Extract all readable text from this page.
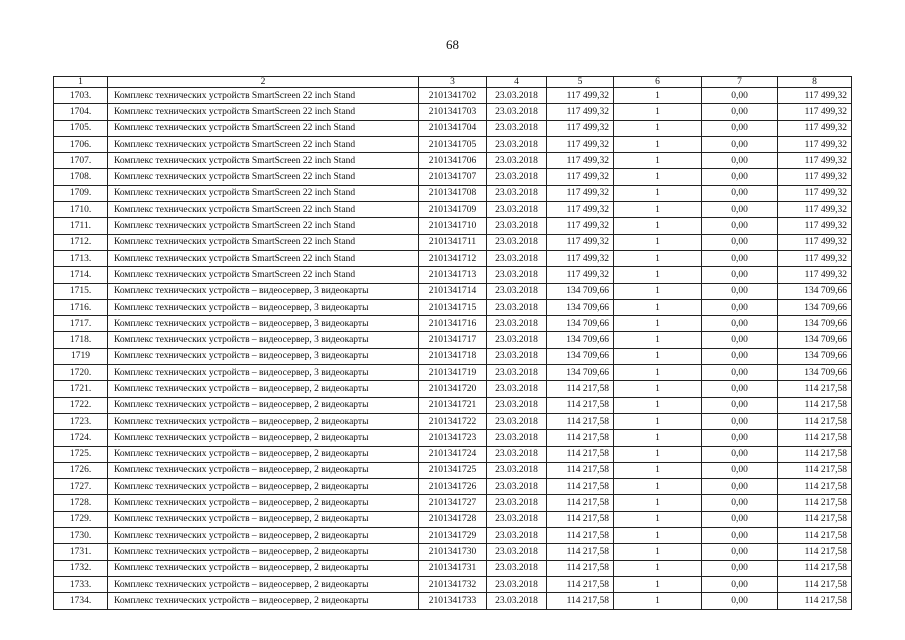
68
1	2	3	4	5	6	7	8
1703.	Комплекс технических устройств SmartScreen 22 inch Stand	2101341702	23.03.2018	117 499,32	1	0,00	117 499,32
1704.	Комплекс технических устройств SmartScreen 22 inch Stand	2101341703	23.03.2018	117 499,32	1	0,00	117 499,32
1705.	Комплекс технических устройств SmartScreen 22 inch Stand	2101341704	23.03.2018	117 499,32	1	0,00	117 499,32
1706.	Комплекс технических устройств SmartScreen 22 inch Stand	2101341705	23.03.2018	117 499,32	1	0,00	117 499,32
1707.	Комплекс технических устройств SmartScreen 22 inch Stand	2101341706	23.03.2018	117 499,32	1	0,00	117 499,32
1708.	Комплекс технических устройств SmartScreen 22 inch Stand	2101341707	23.03.2018	117 499,32	1	0,00	117 499,32
1709.	Комплекс технических устройств SmartScreen 22 inch Stand	2101341708	23.03.2018	117 499,32	1	0,00	117 499,32
1710.	Комплекс технических устройств SmartScreen 22 inch Stand	2101341709	23.03.2018	117 499,32	1	0,00	117 499,32
1711.	Комплекс технических устройств SmartScreen 22 inch Stand	2101341710	23.03.2018	117 499,32	1	0,00	117 499,32
1712.	Комплекс технических устройств SmartScreen 22 inch Stand	2101341711	23.03.2018	117 499,32	1	0,00	117 499,32
1713.	Комплекс технических устройств SmartScreen 22 inch Stand	2101341712	23.03.2018	117 499,32	1	0,00	117 499,32
1714.	Комплекс технических устройств SmartScreen 22 inch Stand	2101341713	23.03.2018	117 499,32	1	0,00	117 499,32
1715.	Комплекс технических устройств – видеосервер, 3 видеокарты	2101341714	23.03.2018	134 709,66	1	0,00	134 709,66
1716.	Комплекс технических устройств – видеосервер, 3 видеокарты	2101341715	23.03.2018	134 709,66	1	0,00	134 709,66
1717.	Комплекс технических устройств – видеосервер, 3 видеокарты	2101341716	23.03.2018	134 709,66	1	0,00	134 709,66
1718.	Комплекс технических устройств – видеосервер, 3 видеокарты	2101341717	23.03.2018	134 709,66	1	0,00	134 709,66
1719	Комплекс технических устройств – видеосервер, 3 видеокарты	2101341718	23.03.2018	134 709,66	1	0,00	134 709,66
1720.	Комплекс технических устройств – видеосервер, 3 видеокарты	2101341719	23.03.2018	134 709,66	1	0,00	134 709,66
1721.	Комплекс технических устройств – видеосервер, 2 видеокарты	2101341720	23.03.2018	114 217,58	1	0,00	114 217,58
1722.	Комплекс технических устройств – видеосервер, 2 видеокарты	2101341721	23.03.2018	114 217,58	1	0,00	114 217,58
1723.	Комплекс технических устройств – видеосервер, 2 видеокарты	2101341722	23.03.2018	114 217,58	1	0,00	114 217,58
1724.	Комплекс технических устройств – видеосервер, 2 видеокарты	2101341723	23.03.2018	114 217,58	1	0,00	114 217,58
1725.	Комплекс технических устройств – видеосервер, 2 видеокарты	2101341724	23.03.2018	114 217,58	1	0,00	114 217,58
1726.	Комплекс технических устройств – видеосервер, 2 видеокарты	2101341725	23.03.2018	114 217,58	1	0,00	114 217,58
1727.	Комплекс технических устройств – видеосервер, 2 видеокарты	2101341726	23.03.2018	114 217,58	1	0,00	114 217,58
1728.	Комплекс технических устройств – видеосервер, 2 видеокарты	2101341727	23.03.2018	114 217,58	1	0,00	114 217,58
1729.	Комплекс технических устройств – видеосервер, 2 видеокарты	2101341728	23.03.2018	114 217,58	1	0,00	114 217,58
1730.	Комплекс технических устройств – видеосервер, 2 видеокарты	2101341729	23.03.2018	114 217,58	1	0,00	114 217,58
1731.	Комплекс технических устройств – видеосервер, 2 видеокарты	2101341730	23.03.2018	114 217,58	1	0,00	114 217,58
1732.	Комплекс технических устройств – видеосервер, 2 видеокарты	2101341731	23.03.2018	114 217,58	1	0,00	114 217,58
1733.	Комплекс технических устройств – видеосервер, 2 видеокарты	2101341732	23.03.2018	114 217,58	1	0,00	114 217,58
1734.	Комплекс технических устройств – видеосервер, 2 видеокарты	2101341733	23.03.2018	114 217,58	1	0,00	114 217,58
